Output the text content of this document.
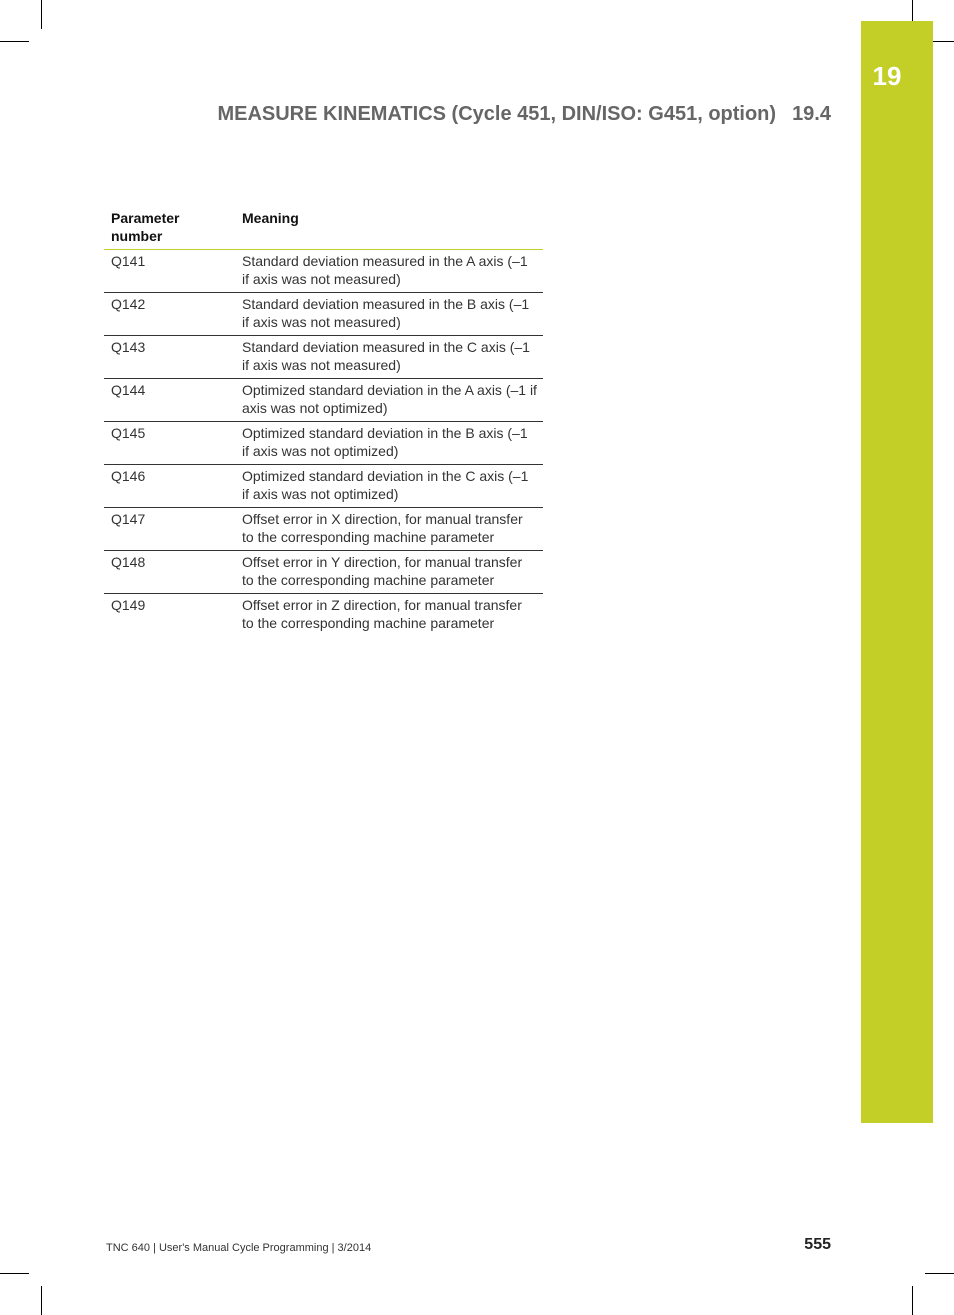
19
MEASURE KINEMATICS (Cycle 451, DIN/ISO: G451, option) 19.4
Parameter number	Meaning
Q141	Standard deviation measured in the A axis (–1 if axis was not measured)
Q142	Standard deviation measured in the B axis (–1 if axis was not measured)
Q143	Standard deviation measured in the C axis (–1 if axis was not measured)
Q144	Optimized standard deviation in the A axis (–1 if axis was not optimized)
Q145	Optimized standard deviation in the B axis (–1 if axis was not optimized)
Q146	Optimized standard deviation in the C axis (–1 if axis was not optimized)
Q147	Offset error in X direction, for manual transfer to the corresponding machine parameter
Q148	Offset error in Y direction, for manual transfer to the corresponding machine parameter
Q149	Offset error in Z direction, for manual transfer to the corresponding machine parameter
TNC 640 | User's Manual Cycle Programming | 3/2014	555
